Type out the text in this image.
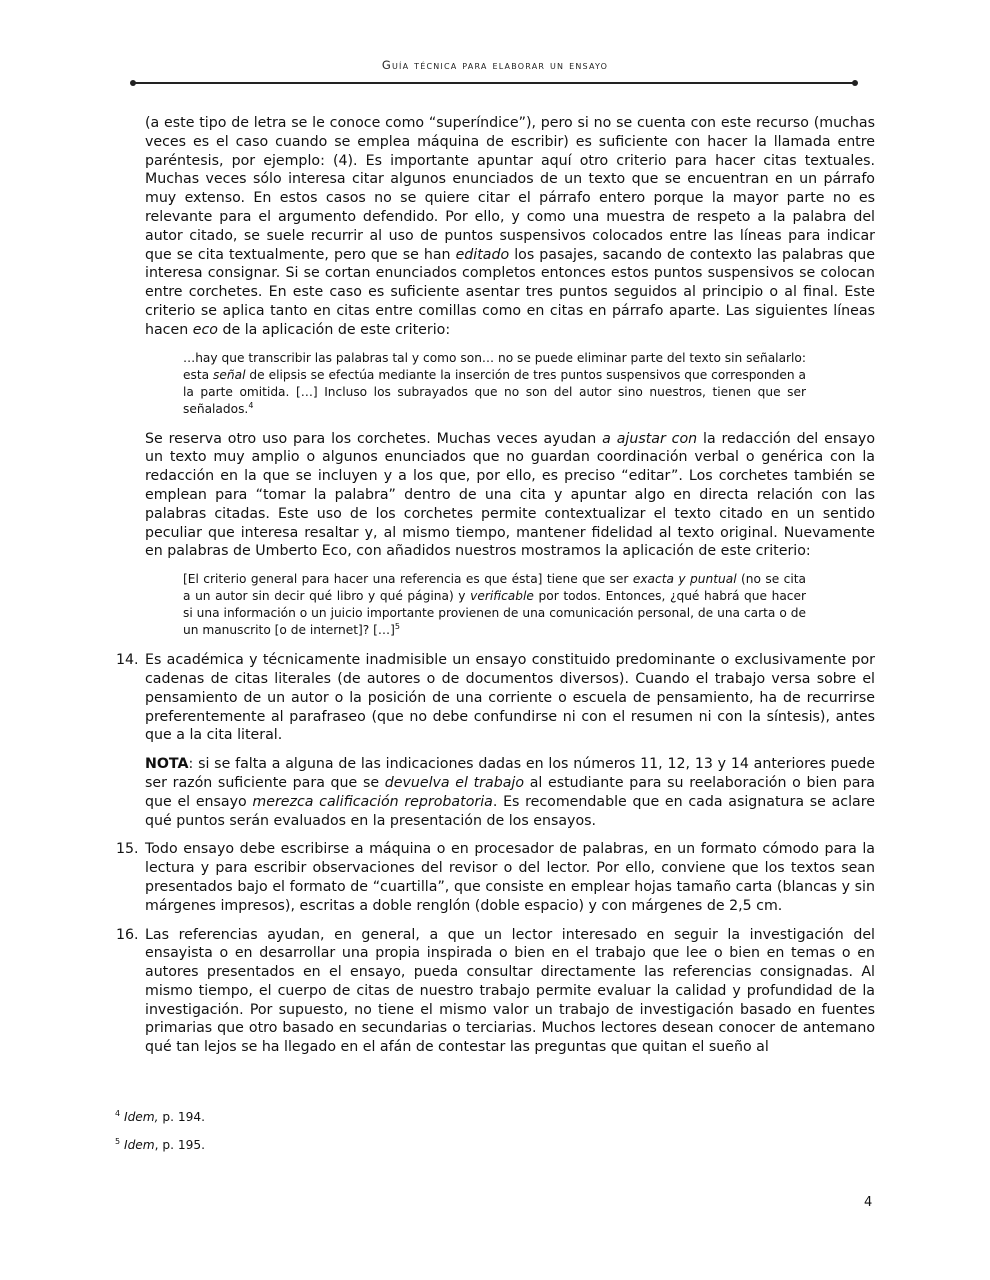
Guía técnica para elaborar un ensayo

(a este tipo de letra se le conoce como “superíndice”), pero si no se cuenta con este recurso (muchas veces es el caso cuando se emplea máquina de escribir) es suficiente con hacer la llamada entre paréntesis, por ejemplo: (4). Es importante apuntar aquí otro criterio para hacer citas textuales. Muchas veces sólo interesa citar algunos enunciados de un texto que se encuentran en un párrafo muy extenso. En estos casos no se quiere citar el párrafo entero porque la mayor parte no es relevante para el argumento defendido. Por ello, y como una muestra de respeto a la palabra del autor citado, se suele recurrir al uso de puntos suspensivos colocados entre las líneas para indicar que se cita textualmente, pero que se han editado los pasajes, sacando de contexto las palabras que interesa consignar. Si se cortan enunciados completos entonces estos puntos suspensivos se colocan entre corchetes. En este caso es suficiente asentar tres puntos seguidos al principio o al final. Este criterio se aplica tanto en citas entre comillas como en citas en párrafo aparte. Las siguientes líneas hacen eco de la aplicación de este criterio:

…hay que transcribir las palabras tal y como son… no se puede eliminar parte del texto sin señalarlo: esta señal de elipsis se efectúa mediante la inserción de tres puntos suspensivos que corresponden a la parte omitida. […] Incluso los subrayados que no son del autor sino nuestros, tienen que ser señalados.$^4$

Se reserva otro uso para los corchetes. Muchas veces ayudan a ajustar con la redacción del ensayo un texto muy amplio o algunos enunciados que no guardan coordinación verbal o genérica con la redacción en la que se incluyen y a los que, por ello, es preciso “editar”. Los corchetes también se emplean para “tomar la palabra” dentro de una cita y apuntar algo en directa relación con las palabras citadas. Este uso de los corchetes permite contextualizar el texto citado en un sentido peculiar que interesa resaltar y, al mismo tiempo, mantener fidelidad al texto original. Nuevamente en palabras de Umberto Eco, con añadidos nuestros mostramos la aplicación de este criterio:

[El criterio general para hacer una referencia es que ésta] tiene que ser exacta y puntual (no se cita a un autor sin decir qué libro y qué página) y verificable por todos. Entonces, ¿qué habrá que hacer si una información o un juicio importante provienen de una comunicación personal, de una carta o de un manuscrito [o de internet]? […]$^5$

14. Es académica y técnicamente inadmisible un ensayo constituido predominante o exclusivamente por cadenas de citas literales (de autores o de documentos diversos). Cuando el trabajo versa sobre el pensamiento de un autor o la posición de una corriente o escuela de pensamiento, ha de recurrirse preferentemente al parafraseo (que no debe confundirse ni con el resumen ni con la síntesis), antes que a la cita literal.

NOTA: si se falta a alguna de las indicaciones dadas en los números 11, 12, 13 y 14 anteriores puede ser razón suficiente para que se devuelva el trabajo al estudiante para su reelaboración o bien para que el ensayo merezca calificación reprobatoria. Es recomendable que en cada asignatura se aclare qué puntos serán evaluados en la presentación de los ensayos.

15. Todo ensayo debe escribirse a máquina o en procesador de palabras, en un formato cómodo para la lectura y para escribir observaciones del revisor o del lector. Por ello, conviene que los textos sean presentados bajo el formato de “cuartilla”, que consiste en emplear hojas tamaño carta (blancas y sin márgenes impresos), escritas a doble renglón (doble espacio) y con márgenes de 2,5 cm.
16. Las referencias ayudan, en general, a que un lector interesado en seguir la investigación del ensayista o en desarrollar una propia inspirada o bien en el trabajo que lee o bien en temas o en autores presentados en el ensayo, pueda consultar directamente las referencias consignadas. Al mismo tiempo, el cuerpo de citas de nuestro trabajo permite evaluar la calidad y profundidad de la investigación. Por supuesto, no tiene el mismo valor un trabajo de investigación basado en fuentes primarias que otro basado en secundarias o terciarias. Muchos lectores desean conocer de antemano qué tan lejos se ha llegado en el afán de contestar las preguntas que quitan el sueño al
$^4$ Idem, p. 194.
$^5$ Idem, p. 195.
4
